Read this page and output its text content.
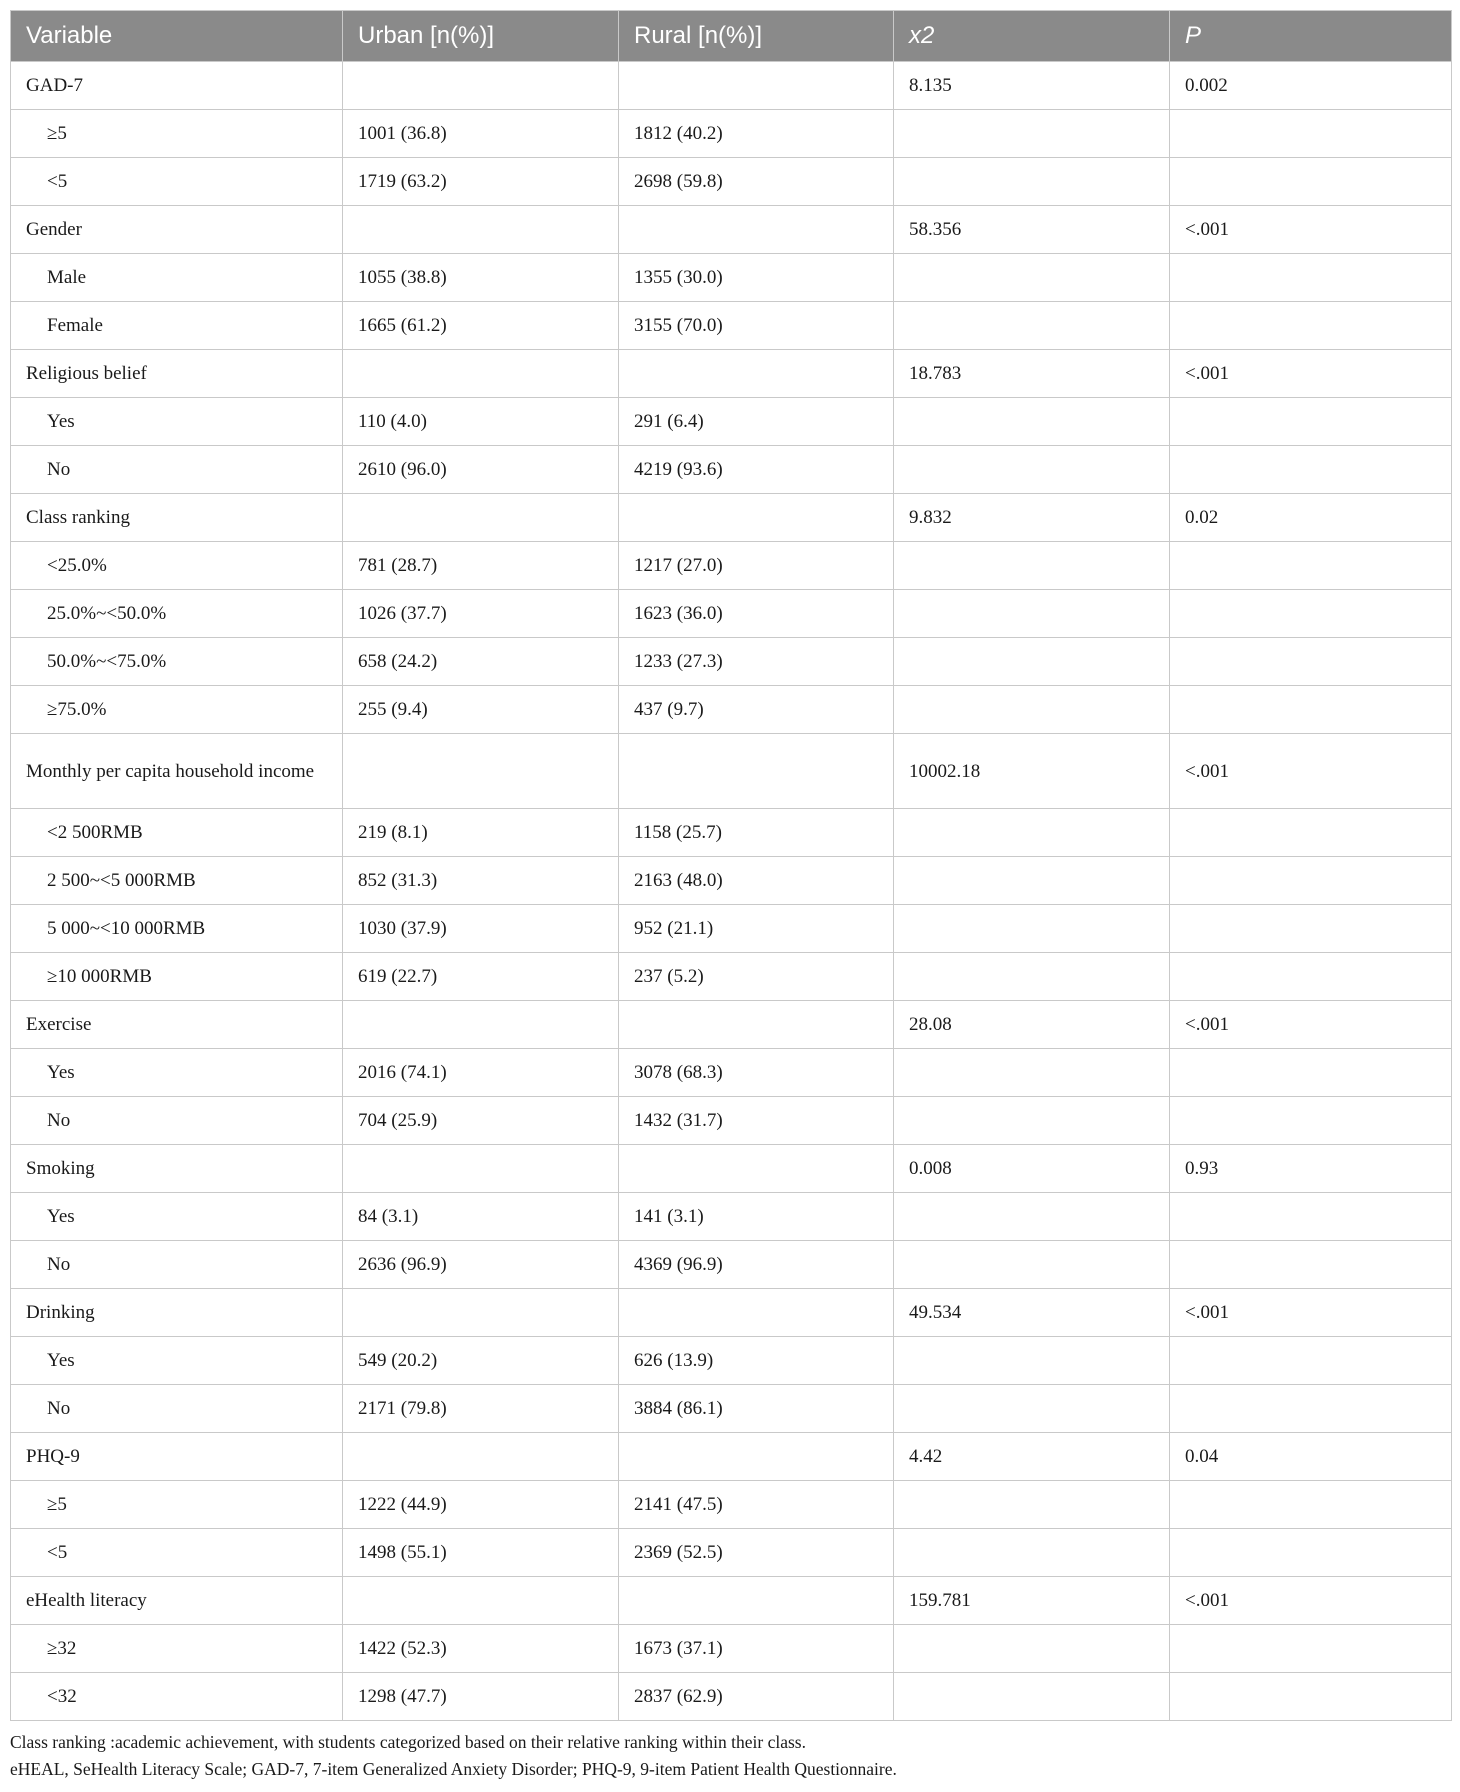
Variable	Urban [n(%)]	Rural [n(%)]	x2	P
GAD-7			8.135	0.002
≥5	1001 (36.8)	1812 (40.2)		
<5	1719 (63.2)	2698 (59.8)		
Gender			58.356	<.001
Male	1055 (38.8)	1355 (30.0)		
Female	1665 (61.2)	3155 (70.0)		
Religious belief			18.783	<.001
Yes	110 (4.0)	291 (6.4)		
No	2610 (96.0)	4219 (93.6)		
Class ranking			9.832	0.02
<25.0%	781 (28.7)	1217 (27.0)		
25.0%~<50.0%	1026 (37.7)	1623 (36.0)		
50.0%~<75.0%	658 (24.2)	1233 (27.3)		
≥75.0%	255 (9.4)	437 (9.7)		
Monthly per capita household income			10002.18	<.001
<2 500RMB	219 (8.1)	1158 (25.7)		
2 500~<5 000RMB	852 (31.3)	2163 (48.0)		
5 000~<10 000RMB	1030 (37.9)	952 (21.1)		
≥10 000RMB	619 (22.7)	237 (5.2)		
Exercise			28.08	<.001
Yes	2016 (74.1)	3078 (68.3)		
No	704 (25.9)	1432 (31.7)		
Smoking			0.008	0.93
Yes	84 (3.1)	141 (3.1)		
No	2636 (96.9)	4369 (96.9)		
Drinking			49.534	<.001
Yes	549 (20.2)	626 (13.9)		
No	2171 (79.8)	3884 (86.1)		
PHQ-9			4.42	0.04
≥5	1222 (44.9)	2141 (47.5)		
<5	1498 (55.1)	2369 (52.5)		
eHealth literacy			159.781	<.001
≥32	1422 (52.3)	1673 (37.1)		
<32	1298 (47.7)	2837 (62.9)		
Class ranking :academic achievement, with students categorized based on their relative ranking within their class.
eHEAL, SeHealth Literacy Scale; GAD-7, 7-item Generalized Anxiety Disorder; PHQ-9, 9-item Patient Health Questionnaire.
